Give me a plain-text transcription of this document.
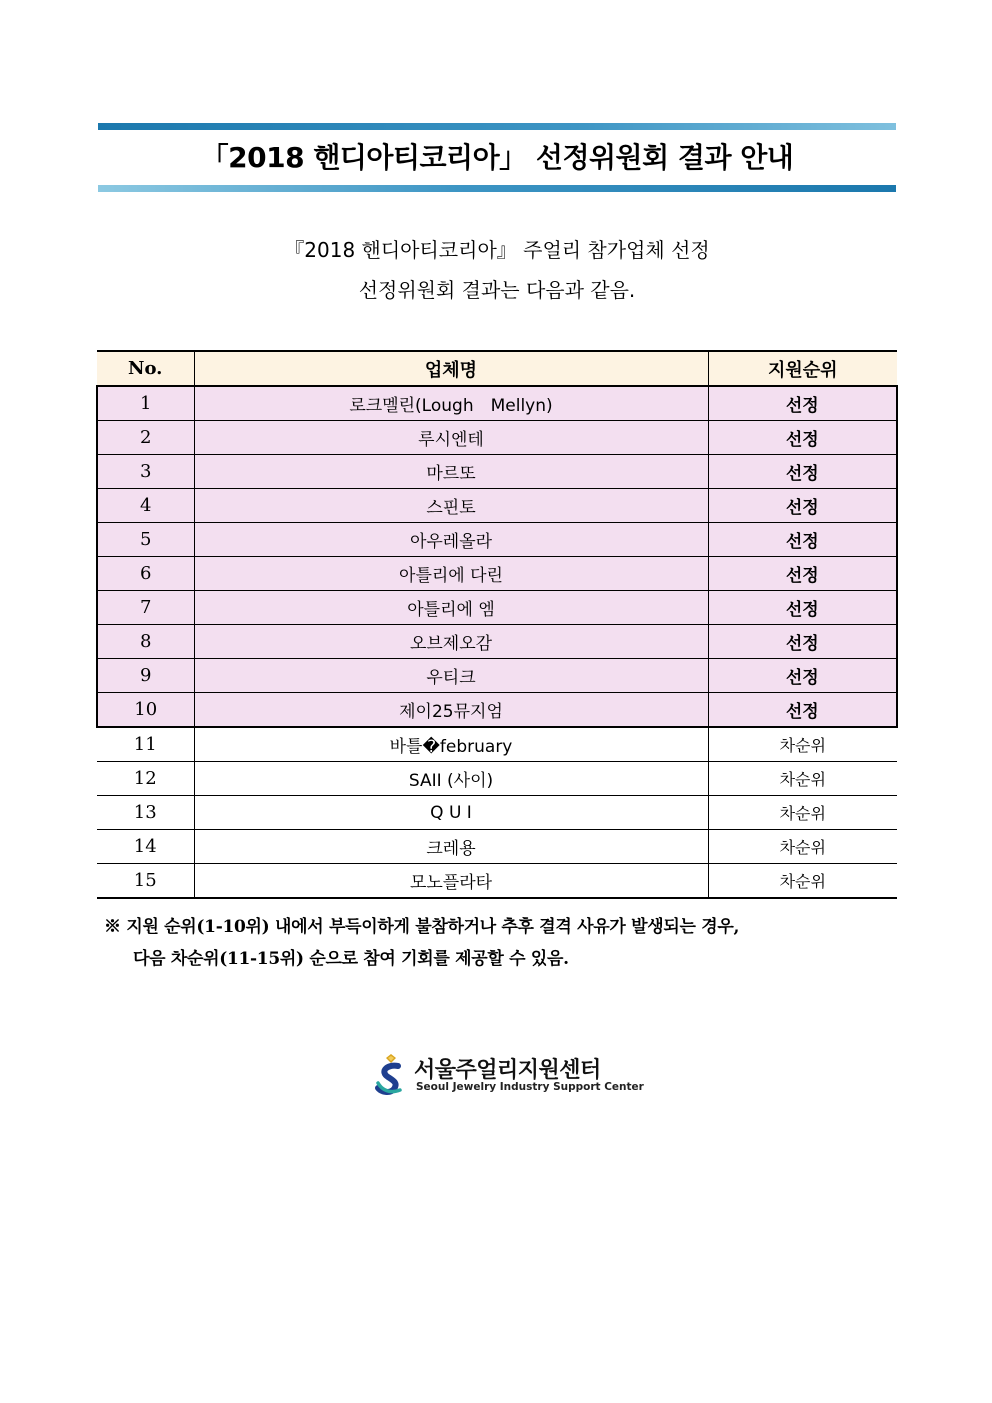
「2018 핸디아티코리아」 선정위원회 결과 안내
『2018 핸디아티코리아』 주얼리 참가업체 선정
선정위원회 결과는 다음과 같음.
No.	업체명	지원순위
1	로크멜린(Lough　Mellyn)	선정
2	루시엔테	선정
3	마르또	선정
4	스핀토	선정
5	아우레올라	선정
6	아틀리에 다린	선정
7	아틀리에 엠	선정
8	오브제오감	선정
9	우티크	선정
10	제이25뮤지엄	선정
11	바틀�february	차순위
12	SAII (사이)	차순위
13	Q U I	차순위
14	크레용	차순위
15	모노플라타	차순위
※ 지원 순위(1-10위) 내에서 부득이하게 불참하거나 추후 결격 사유가 발생되는 경우,
다음 차순위(11-15위) 순으로 참여 기회를 제공할 수 있음.
서울주얼리지원센터
Seoul Jewelry Industry Support Center
